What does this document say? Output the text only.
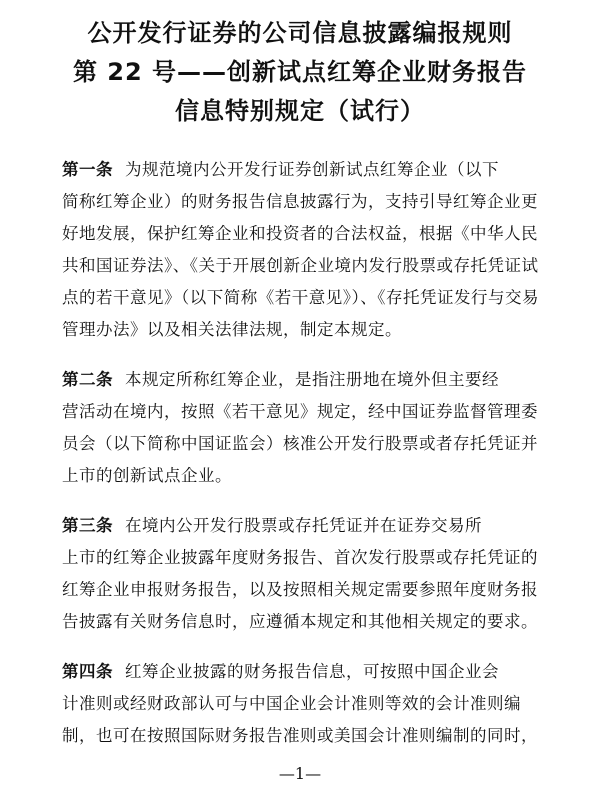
公开发行证券的公司信息披露编报规则
第 22 号——创新试点红筹企业财务报告
信息特别规定（试行）
第一条 为规范境内公开发行证券创新试点红筹企业（以下
简称红筹企业）的财务报告信息披露行为，支持引导红筹企业更
好地发展，保护红筹企业和投资者的合法权益，根据《中华人民
共和国证券法》、《关于开展创新企业境内发行股票或存托凭证试
点的若干意见》（以下简称《若干意见》）、《存托凭证发行与交易
管理办法》以及相关法律法规，制定本规定。
第二条 本规定所称红筹企业，是指注册地在境外但主要经
营活动在境内，按照《若干意见》规定，经中国证券监督管理委
员会（以下简称中国证监会）核准公开发行股票或者存托凭证并
上市的创新试点企业。
第三条 在境内公开发行股票或存托凭证并在证券交易所
上市的红筹企业披露年度财务报告、首次发行股票或存托凭证的
红筹企业申报财务报告，以及按照相关规定需要参照年度财务报
告披露有关财务信息时，应遵循本规定和其他相关规定的要求。
第四条 红筹企业披露的财务报告信息，可按照中国企业会
计准则或经财政部认可与中国企业会计准则等效的会计准则编
制，也可在按照国际财务报告准则或美国会计准则编制的同时，
—1—
